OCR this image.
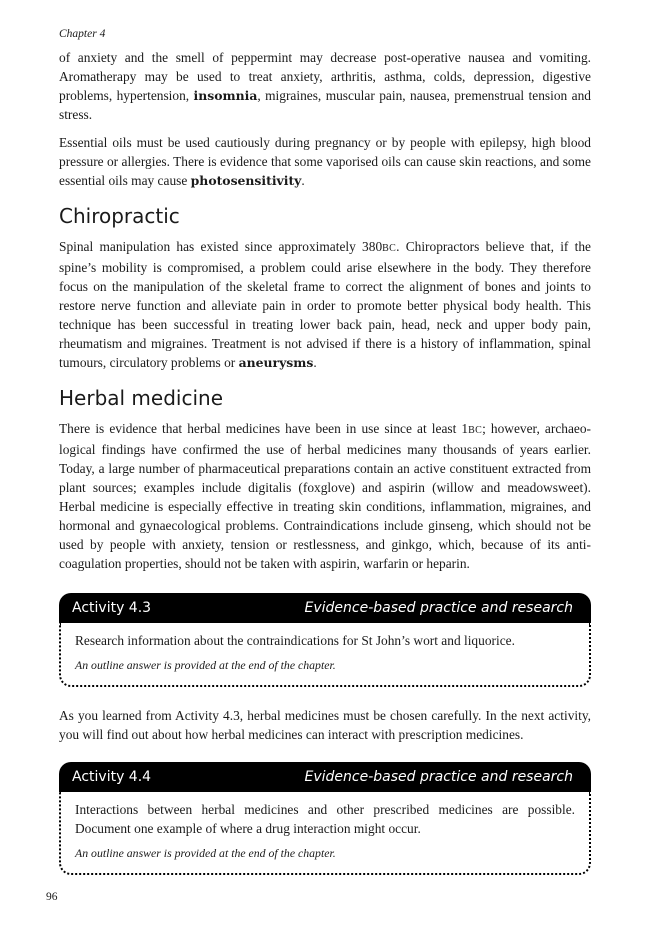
Chapter 4

of anxiety and the smell of peppermint may decrease post-operative nausea and vomiting. Aromatherapy may be used to treat anxiety, arthritis, asthma, colds, depression, digestive problems, hypertension, insomnia, migraines, muscular pain, nausea, premenstrual tension and stress.

Essential oils must be used cautiously during pregnancy or by people with epilepsy, high blood pressure or allergies. There is evidence that some vaporised oils can cause skin reactions, and some essential oils may cause photosensitivity.

Chiropractic

Spinal manipulation has existed since approximately 380BC. Chiropractors believe that, if the spine’s mobility is compromised, a problem could arise elsewhere in the body. They therefore focus on the manipulation of the skeletal frame to correct the alignment of bones and joints to restore nerve function and alleviate pain in order to promote better physical body health. This technique has been successful in treating lower back pain, head, neck and upper body pain, rheumatism and migraines. Treatment is not advised if there is a history of inflammation, spinal tumours, circulatory problems or aneurysms.

Herbal medicine

There is evidence that herbal medicines have been in use since at least 1BC; however, archaeological findings have confirmed the use of herbal medicines many thousands of years earlier. Today, a large number of pharmaceutical preparations contain an active constituent extracted from plant sources; examples include digitalis (foxglove) and aspirin (willow and meadowsweet). Herbal medicine is especially effective in treating skin conditions, inflammation, migraines, and hormonal and gynaecological problems. Contraindications include ginseng, which should not be used by people with anxiety, tension or restlessness, and ginkgo, which, because of its anticoagulation properties, should not be taken with aspirin, warfarin or heparin.

Activity 4.3	Evidence-based practice and research

Research information about the contraindications for St John’s wort and liquorice.

An outline answer is provided at the end of the chapter.

As you learned from Activity 4.3, herbal medicines must be chosen carefully. In the next activity, you will find out about how herbal medicines can interact with prescription medicines.

Activity 4.4	Evidence-based practice and research

Interactions between herbal medicines and other prescribed medicines are possible. Document one example of where a drug interaction might occur.

An outline answer is provided at the end of the chapter.

96
